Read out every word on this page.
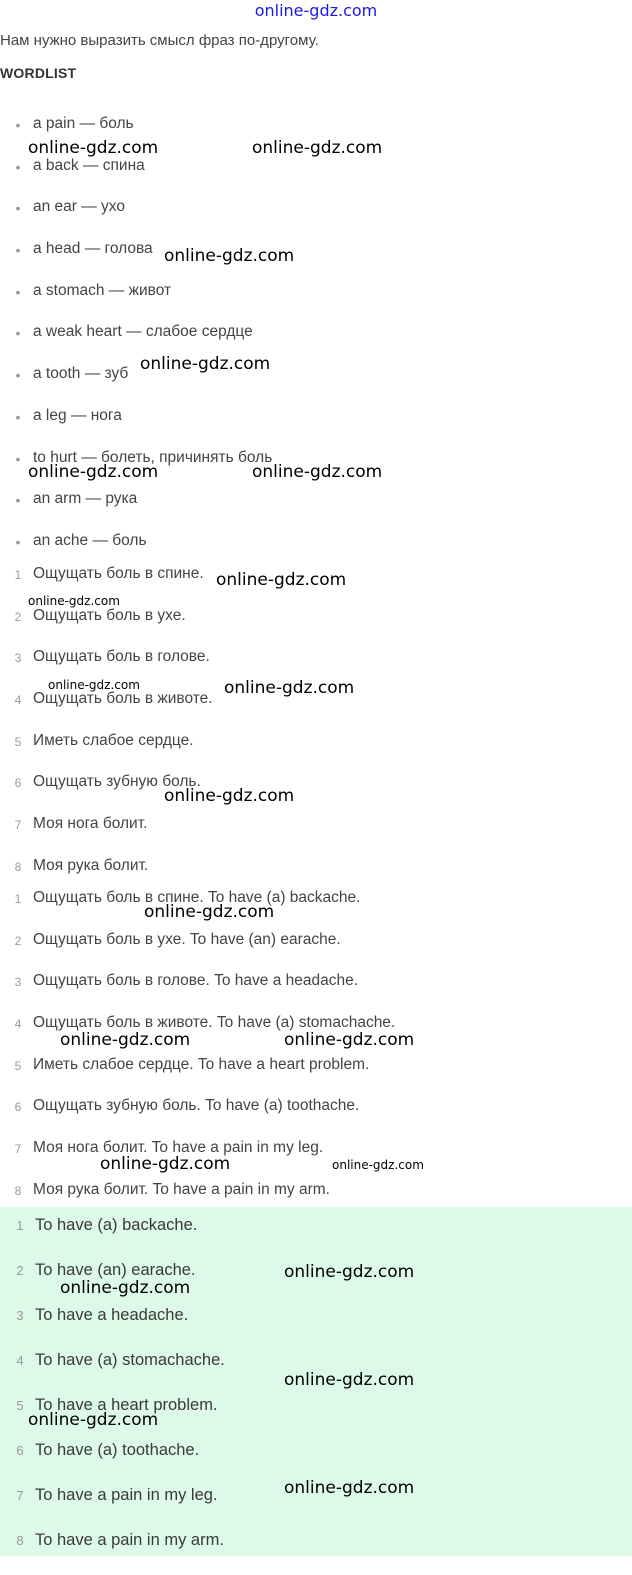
online-gdz.com
Нам нужно выразить смысл фраз по-другому.
WORDLIST
• a pain — боль
• a back — спина
• an ear — ухо
• a head — голова
• a stomach — живот
• a weak heart — слабое сердце
• a tooth — зуб
• a leg — нога
• to hurt — болеть, причинять боль
• an arm — рука
• an ache — боль
1 Ощущать боль в спине.
2 Ощущать боль в ухе.
3 Ощущать боль в голове.
4 Ощущать боль в животе.
5 Иметь слабое сердце.
6 Ощущать зубную боль.
7 Моя нога болит.
8 Моя рука болит.
1 Ощущать боль в спине. To have (a) backache.
2 Ощущать боль в ухе. To have (an) earache.
3 Ощущать боль в голове. To have a headache.
4 Ощущать боль в животе. To have (a) stomachache.
5 Иметь слабое сердце. To have a heart problem.
6 Ощущать зубную боль. To have (a) toothache.
7 Моя нога болит. To have a pain in my leg.
8 Моя рука болит. To have a pain in my arm.
1 To have (a) backache.
2 To have (an) earache.
3 To have a headache.
4 To have (a) stomachache.
5 To have a heart problem.
6 To have (a) toothache.
7 To have a pain in my leg.
8 To have a pain in my arm.
online-gdz.com	online-gdz.com
online-gdz.com
online-gdz.com
online-gdz.com	online-gdz.com
online-gdz.com
online-gdz.com
online-gdz.com	online-gdz.com
online-gdz.com
online-gdz.com
online-gdz.com	online-gdz.com
online-gdz.com	online-gdz.com
online-gdz.com
online-gdz.com
online-gdz.com
online-gdz.com
online-gdz.com
